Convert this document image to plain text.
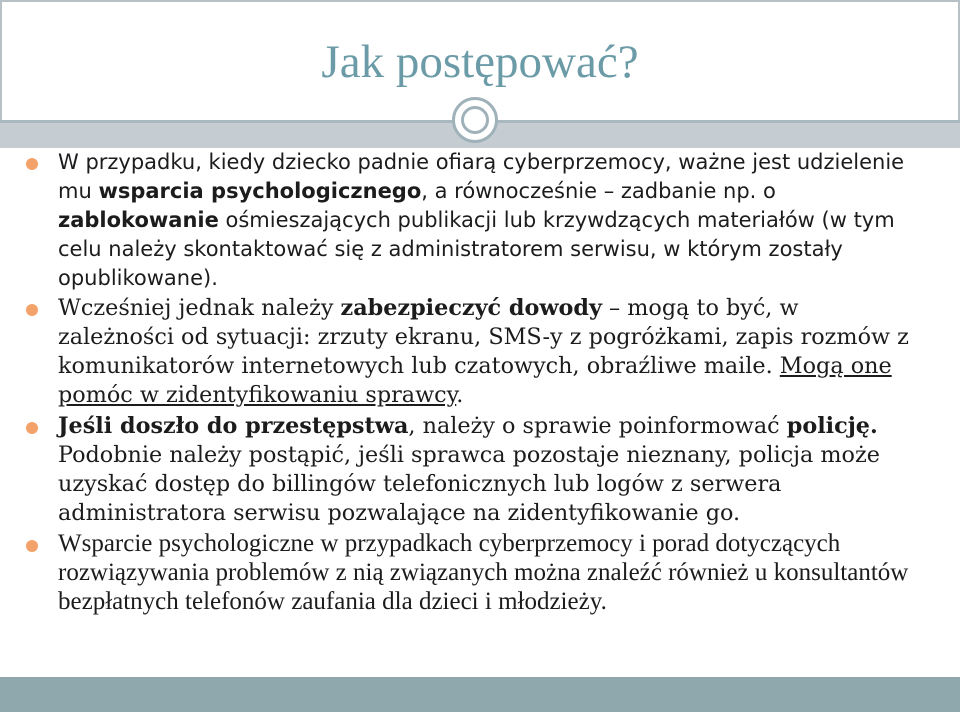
Jak postępować?
W przypadku, kiedy dziecko padnie ofiarą cyberprzemocy, ważne jest udzielenie mu wsparcia psychologicznego, a równocześnie – zadbanie np. o zablokowanie ośmieszających publikacji lub krzywdzących materiałów (w tym celu należy skontaktować się z administratorem serwisu, w którym zostały opublikowane).
Wcześniej jednak należy zabezpieczyć dowody – mogą to być, w zależności od sytuacji: zrzuty ekranu, SMS-y z pogróżkami, zapis rozmów z komunikatorów internetowych lub czatowych, obraźliwe maile. Mogą one pomóc w zidentyfikowaniu sprawcy.
Jeśli doszło do przestępstwa, należy o sprawie poinformować policję. Podobnie należy postąpić, jeśli sprawca pozostaje nieznany, policja może uzyskać dostęp do billingów telefonicznych lub logów z serwera administratora serwisu pozwalające na zidentyfikowanie go.
Wsparcie psychologiczne w przypadkach cyberprzemocy i porad dotyczących rozwiązywania problemów z nią związanych można znaleźć również u konsultantów bezpłatnych telefonów zaufania dla dzieci i młodzieży.
